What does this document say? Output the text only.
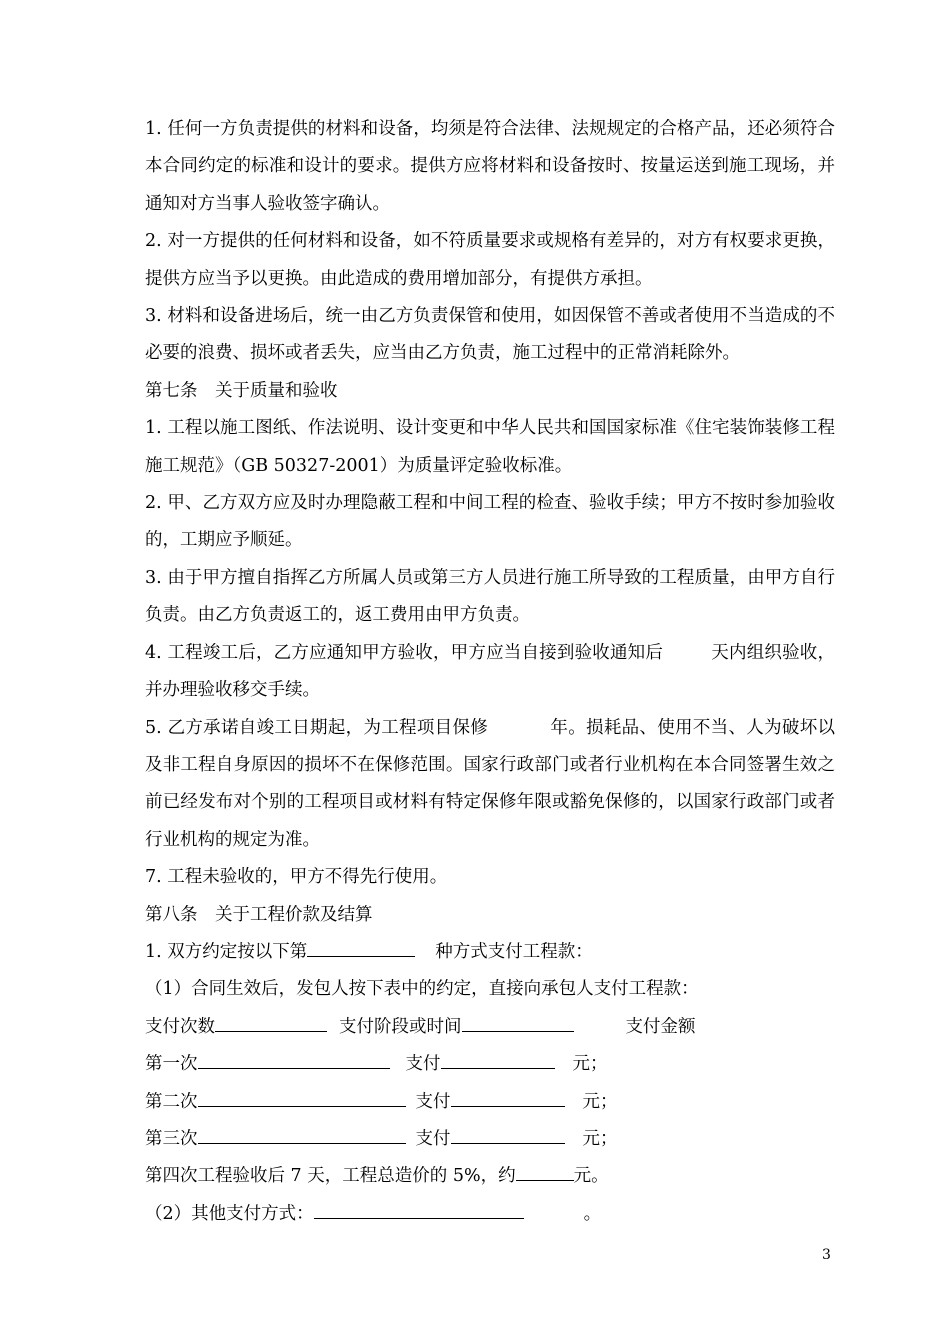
1. 任何一方负责提供的材料和设备，均须是符合法律、法规规定的合格产品，还必须符合本合同约定的标准和设计的要求。提供方应将材料和设备按时、按量运送到施工现场，并通知对方当事人验收签字确认。

2. 对一方提供的任何材料和设备，如不符质量要求或规格有差异的，对方有权要求更换，提供方应当予以更换。由此造成的费用增加部分，有提供方承担。

3. 材料和设备进场后，统一由乙方负责保管和使用，如因保管不善或者使用不当造成的不必要的浪费、损坏或者丢失，应当由乙方负责，施工过程中的正常消耗除外。

第七条　关于质量和验收

1. 工程以施工图纸、作法说明、设计变更和中华人民共和国国家标准《住宅装饰装修工程施工规范》（GB 50327-2001）为质量评定验收标准。

2. 甲、乙方双方应及时办理隐蔽工程和中间工程的检查、验收手续；甲方不按时参加验收的，工期应予顺延。

3. 由于甲方擅自指挥乙方所属人员或第三方人员进行施工所导致的工程质量，由甲方自行负责。由乙方负责返工的，返工费用由甲方负责。

4. 工程竣工后，乙方应通知甲方验收，甲方应当自接到验收通知后	天内组织验收，并办理验收移交手续。

5. 乙方承诺自竣工日期起，为工程项目保修	年。损耗品、使用不当、人为破坏以及非工程自身原因的损坏不在保修范围。国家行政部门或者行业机构在本合同签署生效之前已经发布对个别的工程项目或材料有特定保修年限或豁免保修的，以国家行政部门或者行业机构的规定为准。

7. 工程未验收的，甲方不得先行使用。

第八条　关于工程价款及结算

1. 双方约定按以下第	种方式支付工程款：

（1）合同生效后，发包人按下表中的约定，直接向承包人支付工程款：

支付次数	支付阶段或时间	支付金额

第一次	支付	元；

第二次	支付	元；

第三次	支付	元；

第四次工程验收后 7 天，工程总造价的 5%，约	元。

（2）其他支付方式：	。

3
